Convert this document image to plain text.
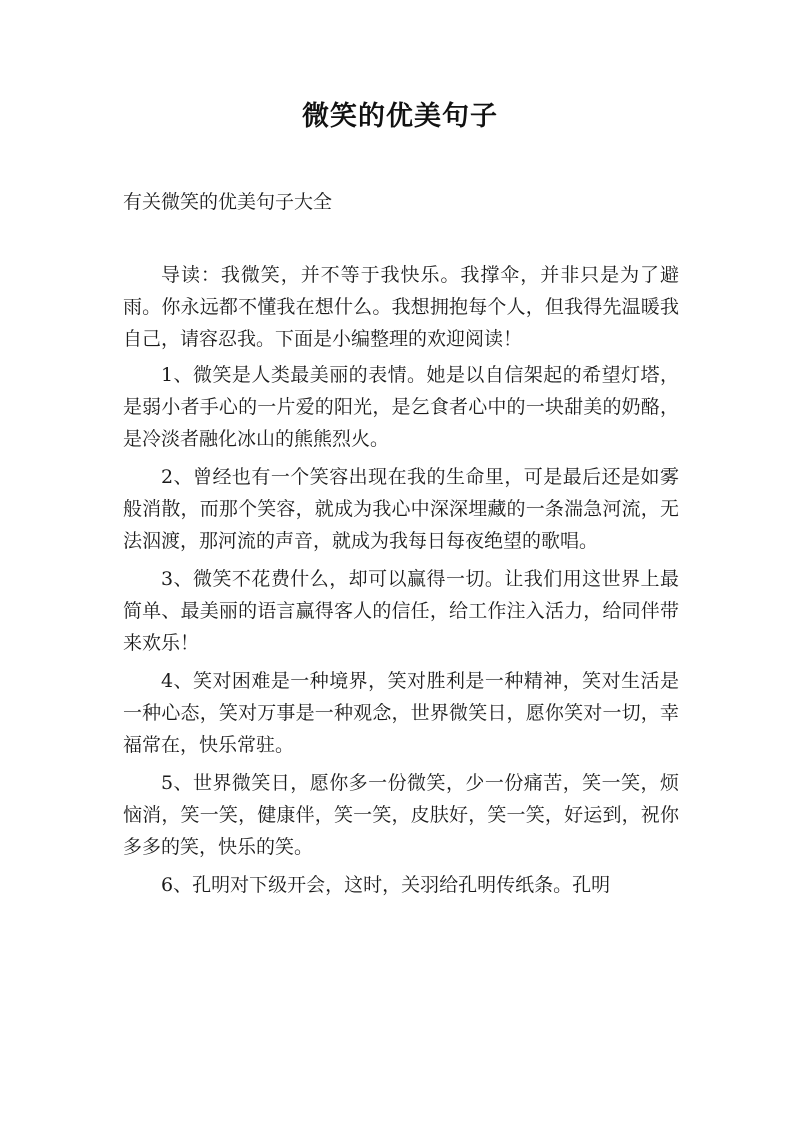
微笑的优美句子
有关微笑的优美句子大全

导读：我微笑，并不等于我快乐。我撑伞，并非只是为了避雨。你永远都不懂我在想什么。我想拥抱每个人，但我得先温暖我自己，请容忍我。下面是小编整理的欢迎阅读！

1、微笑是人类最美丽的表情。她是以自信架起的希望灯塔，是弱小者手心的一片爱的阳光，是乞食者心中的一块甜美的奶酪，是冷淡者融化冰山的熊熊烈火。

2、曾经也有一个笑容出现在我的生命里，可是最后还是如雾般消散，而那个笑容，就成为我心中深深埋藏的一条湍急河流，无法泅渡，那河流的声音，就成为我每日每夜绝望的歌唱。

3、微笑不花费什么，却可以赢得一切。让我们用这世界上最简单、最美丽的语言赢得客人的信任，给工作注入活力，给同伴带来欢乐！

4、笑对困难是一种境界，笑对胜利是一种精神，笑对生活是一种心态，笑对万事是一种观念，世界微笑日，愿你笑对一切，幸福常在，快乐常驻。

5、世界微笑日，愿你多一份微笑，少一份痛苦，笑一笑，烦恼消，笑一笑，健康伴，笑一笑，皮肤好，笑一笑，好运到，祝你多多的笑，快乐的笑。

6、孔明对下级开会，这时，关羽给孔明传纸条。孔明
